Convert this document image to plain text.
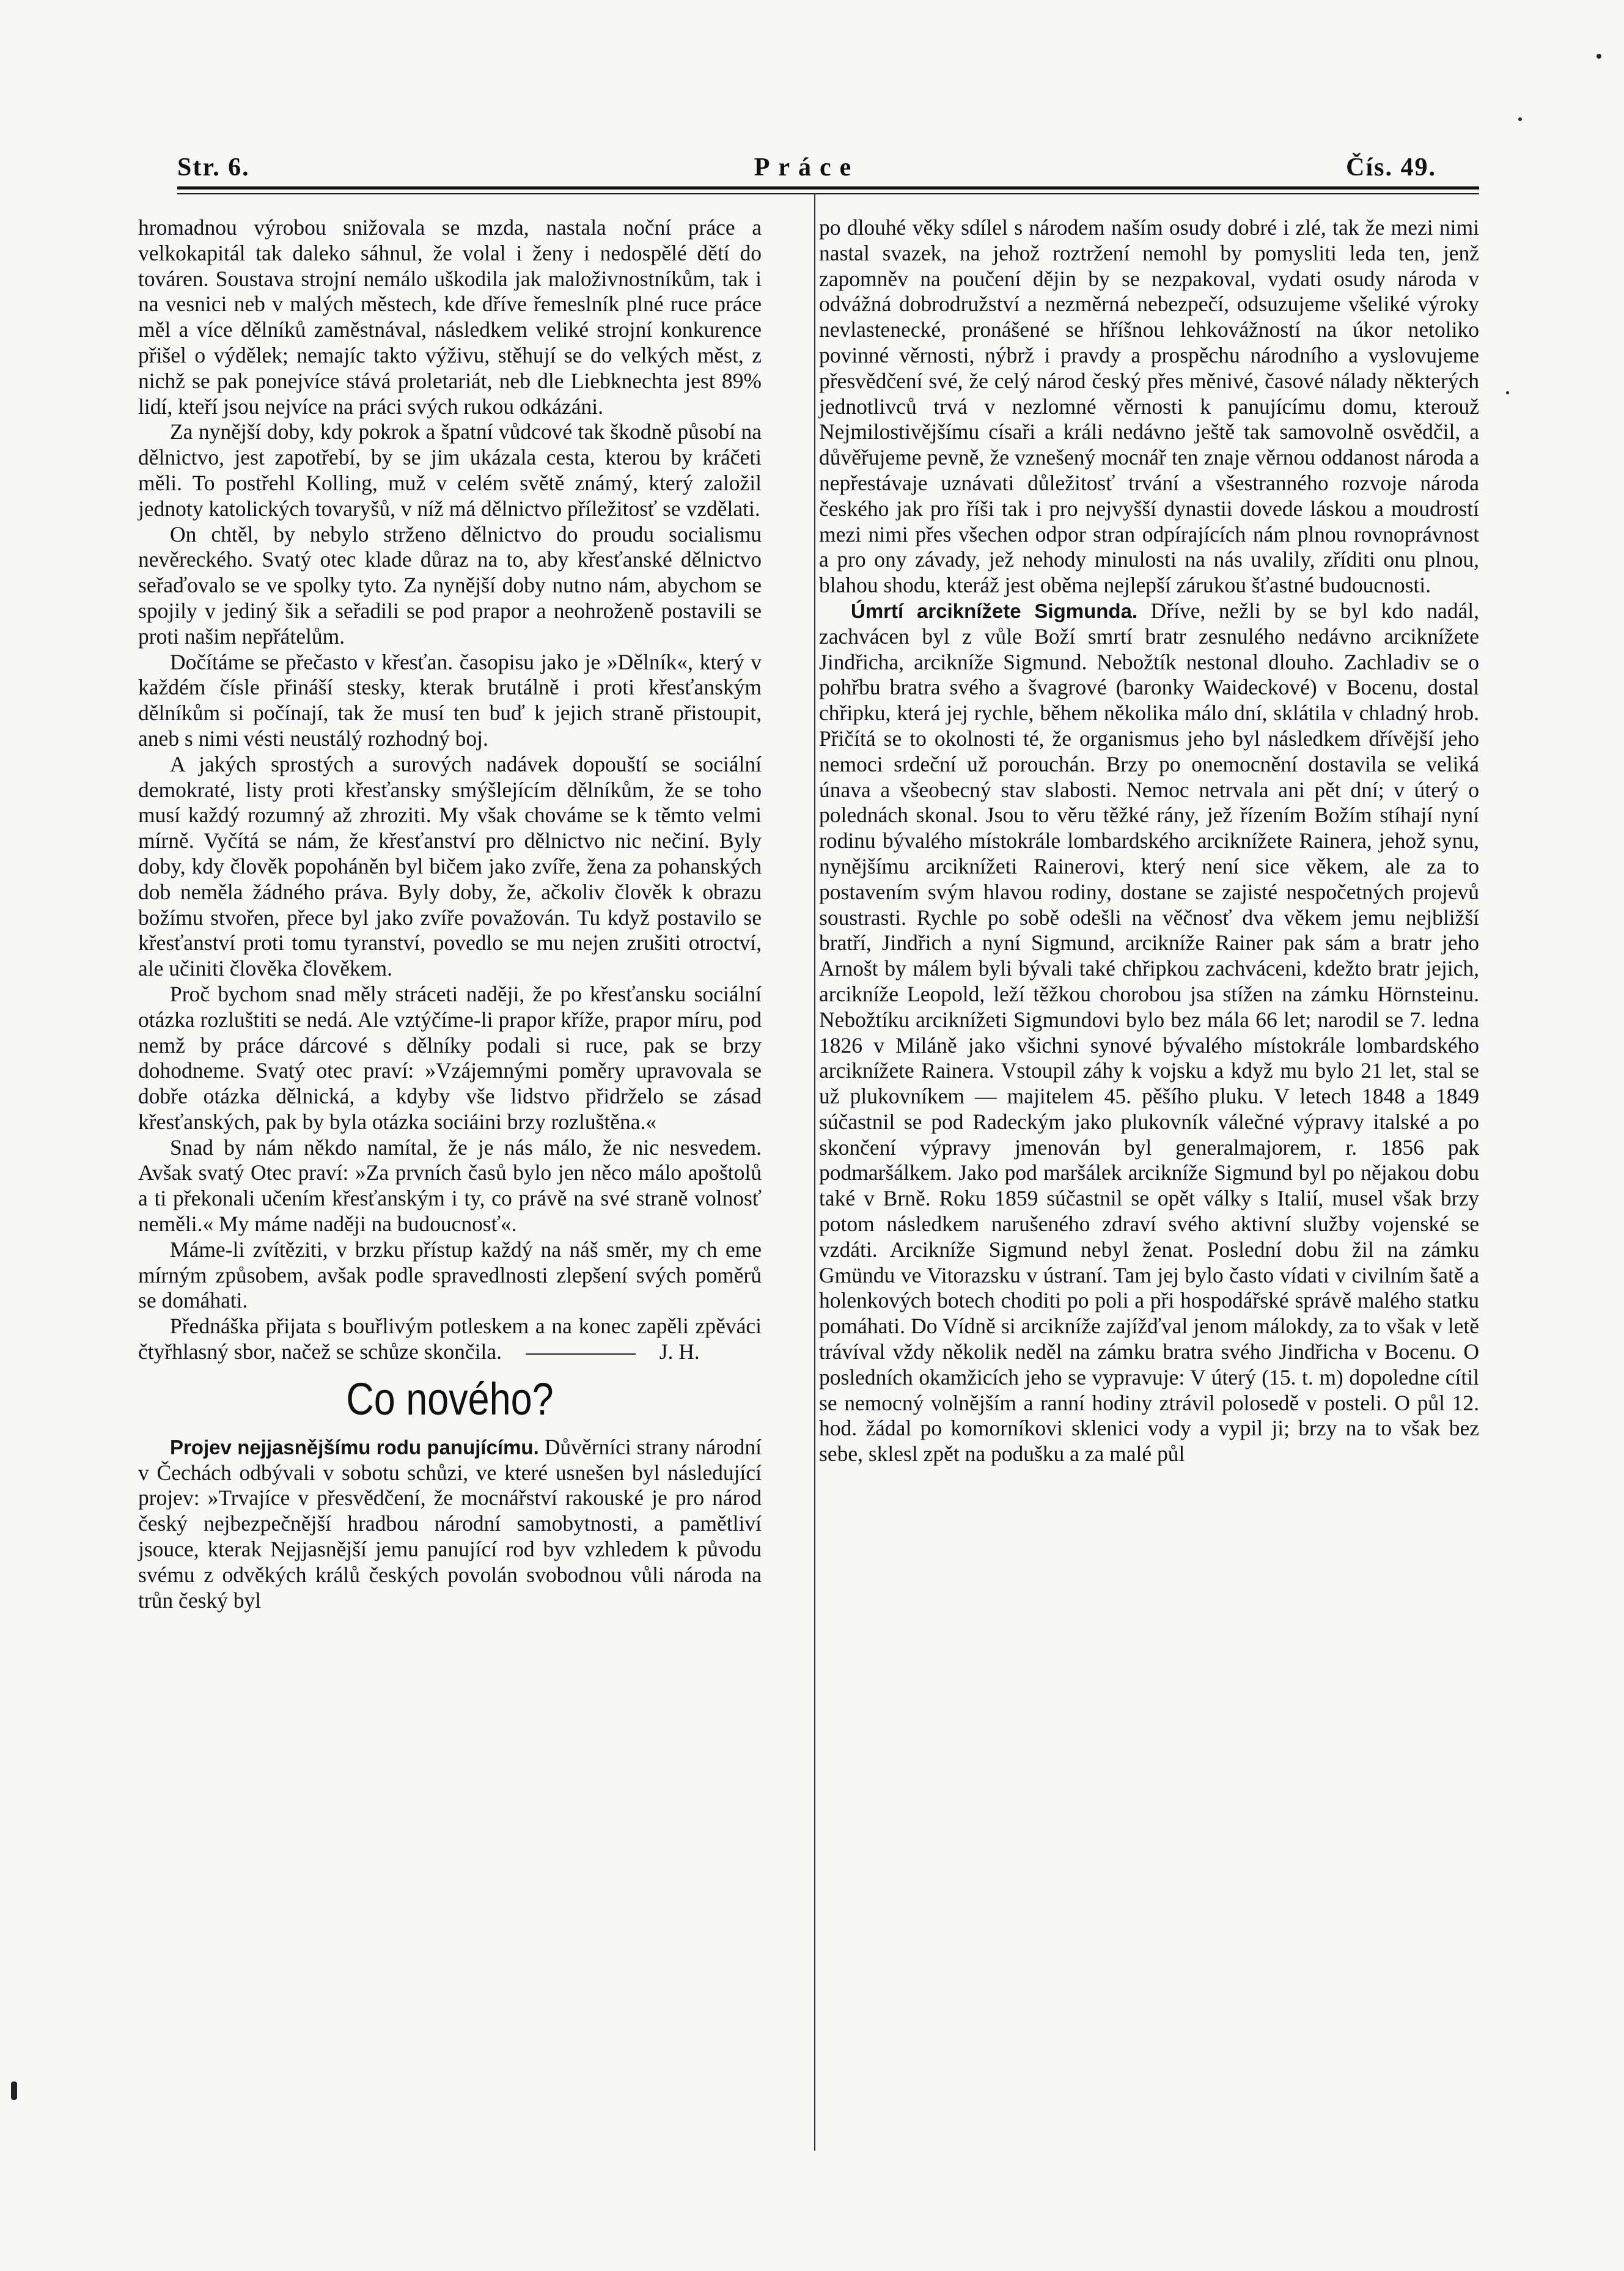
Str. 6.	Práce	Čís. 49.

hromadnou výrobou snižovala se mzda, nastala noční práce a velkokapitál tak daleko sáhnul, že volal i ženy i nedospělé dětí do továren. Soustava strojní nemálo uškodila jak maloživnostníkům, tak i na vesnici neb v malých městech, kde dříve řemeslník plné ruce práce měl a více dělníků zaměstnával, následkem veliké strojní konkurence přišel o výdělek; nemajíc takto výživu, stěhují se do velkých měst, z nichž se pak ponejvíce stává proletariát, neb dle Liebknechta jest 89% lidí, kteří jsou nejvíce na práci svých rukou odkázáni.

Za nynější doby, kdy pokrok a špatní vůdcové tak škodně působí na dělnictvo, jest zapotřebí, by se jim ukázala cesta, kterou by kráčeti měli. To postřehl Kolling, muž v celém světě známý, který založil jednoty katolických tovaryšů, v níž má dělnictvo příležitosť se vzdělati.

On chtěl, by nebylo strženo dělnictvo do proudu socialismu nevěreckého. Svatý otec klade důraz na to, aby křesťanské dělnictvo seřaďovalo se ve spolky tyto. Za nynější doby nutno nám, abychom se spojily v jediný šik a seřadili se pod prapor a neohroženě postavili se proti našim nepřátelům.

Dočítáme se přečasto v křesťan. časopisu jako je »Dělník«, který v každém čísle přináší stesky, kterak brutálně i proti křesťanským dělníkům si počínají, tak že musí ten buď k jejich straně přistoupit, aneb s nimi vésti neustálý rozhodný boj.

A jakých sprostých a surových nadávek dopouští se sociální demokraté, listy proti křesťansky smýšlejícím dělníkům, že se toho musí každý rozumný až zhroziti. My však chováme se k těmto velmi mírně. Vyčítá se nám, že křesťanství pro dělnictvo nic nečiní. Byly doby, kdy člověk popoháněn byl bičem jako zvíře, žena za pohanských dob neměla žádného práva. Byly doby, že, ačkoliv člověk k obrazu božímu stvořen, přece byl jako zvíře považován. Tu když postavilo se křesťanství proti tomu tyranství, povedlo se mu nejen zrušiti otroctví, ale učiniti člověka člověkem.

Proč bychom snad měly stráceti naději, že po křesťansku sociální otázka rozluštiti se nedá. Ale vztýčíme-li prapor kříže, prapor míru, pod nemž by práce dárcové s dělníky podali si ruce, pak se brzy dohodneme. Svatý otec praví: »Vzájemnými poměry upravovala se dobře otázka dělnická, a kdyby vše lidstvo přidrželo se zásad křesťanských, pak by byla otázka sociáini brzy rozluštěna.«

Snad by nám někdo namítal, že je nás málo, že nic nesvedem. Avšak svatý Otec praví: »Za prvních časů bylo jen něco málo apoštolů a ti překonali učením křesťanským i ty, co právě na své straně volnosť neměli.« My máme naději na budoucnosť«.

Máme-li zvítěziti, v brzku přístup každý na náš směr, my ch eme mírným způsobem, avšak podle spravedlnosti zlepšení svých poměrů se domáhati.

Přednáška přijata s bouřlivým potleskem a na konec zapěli zpěváci čtyřhlasný sbor, načež se schůze skončila.	J. H.

Co nového?

Projev nejjasnějšímu rodu panujícímu. Důvěrníci strany národní v Čechách odbývali v sobotu schůzi, ve které usnešen byl následující projev: »Trvajíce v přesvědčení, že mocnářství rakouské je pro národ český nejbezpečnější hradbou národní samobytnosti, a pamětliví jsouce, kterak Nejjasnější jemu panující rod byv vzhledem k původu svému z odvěkých králů českých povolán svobodnou vůli národa na trůn český byl

po dlouhé věky sdílel s národem naším osudy dobré i zlé, tak že mezi nimi nastal svazek, na jehož roztržení nemohl by pomysliti leda ten, jenž zapomněv na poučení dějin by se nezpakoval, vydati osudy národa v odvážná dobrodružství a nezměrná nebezpečí, odsuzujeme všeliké výroky nevlastenecké, pronášené se hříšnou lehkovážností na úkor netoliko povinné věrnosti, nýbrž i pravdy a prospěchu národního a vyslovujeme přesvědčení své, že celý národ český přes měnivé, časové nálady některých jednotlivců trvá v nezlomné věrnosti k panujícímu domu, kterouž Nejmilostivějšímu císaři a králi nedávno ještě tak samovolně osvědčil, a důvěřujeme pevně, že vznešený mocnář ten znaje věrnou oddanost národa a nepřestávaje uznávati důležitosť trvání a všestranného rozvoje národa českého jak pro říši tak i pro nejvyšší dynastii dovede láskou a moudrostí mezi nimi přes všechen odpor stran odpírajících nám plnou rovnoprávnost a pro ony závady, jež nehody minulosti na nás uvalily, zříditi onu plnou, blahou shodu, kteráž jest oběma nejlepší zárukou šťastné budoucnosti.

Úmrtí arciknížete Sigmunda. Dříve, nežli by se byl kdo nadál, zachvácen byl z vůle Boží smrtí bratr zesnulého nedávno arciknížete Jindřicha, arcikníže Sigmund. Nebožtík nestonal dlouho. Zachladiv se o pohřbu bratra svého a švagrové (baronky Waideckové) v Bocenu, dostal chřipku, která jej rychle, během několika málo dní, sklátila v chladný hrob. Přičítá se to okolnosti té, že organismus jeho byl následkem dřívější jeho nemoci srdeční už porouchán. Brzy po onemocnění dostavila se veliká únava a všeobecný stav slabosti. Nemoc netrvala ani pět dní; v úterý o polednách skonal. Jsou to věru těžké rány, jež řízením Božím stíhají nyní rodinu bývalého místokrále lombardského arciknížete Rainera, jehož synu, nynějšímu arciknížeti Rainerovi, který není sice věkem, ale za to postavením svým hlavou rodiny, dostane se zajisté nespočetných projevů soustrasti. Rychle po sobě odešli na věčnosť dva věkem jemu nejbližší bratří, Jindřich a nyní Sigmund, arcikníže Rainer pak sám a bratr jeho Arnošt by málem byli bývali také chřipkou zachváceni, kdežto bratr jejich, arcikníže Leopold, leží těžkou chorobou jsa stížen na zámku Hörnsteinu. Nebožtíku arciknížeti Sigmundovi bylo bez mála 66 let; narodil se 7. ledna 1826 v Miláně jako všichni synové bývalého místokrále lombardského arciknížete Rainera. Vstoupil záhy k vojsku a když mu bylo 21 let, stal se už plukovníkem — majitelem 45. pěšího pluku. V letech 1848 a 1849 súčastnil se pod Radeckým jako plukovník válečné výpravy italské a po skončení výpravy jmenován byl generalmajorem, r. 1856 pak podmaršálkem. Jako pod maršálek arcikníže Sigmund byl po nějakou dobu také v Brně. Roku 1859 súčastnil se opět války s Italií, musel však brzy potom následkem narušeného zdraví svého aktivní služby vojenské se vzdáti. Arcikníže Sigmund nebyl ženat. Poslední dobu žil na zámku Gmündu ve Vitorazsku v ústraní. Tam jej bylo často vídati v civilním šatě a holenkových botech choditi po poli a při hospodářské správě malého statku pomáhati. Do Vídně si arcikníže zajížďval jenom málokdy, za to však v letě trávíval vždy několik neděl na zámku bratra svého Jindřicha v Bocenu. O posledních okamžicích jeho se vypravuje: V úterý (15. t. m) dopoledne cítil se nemocný volnějším a ranní hodiny ztrávil polosedě v posteli. O půl 12. hod. žádal po komorníkovi sklenici vody a vypil ji; brzy na to však bez sebe, sklesl zpět na podušku a za malé půl
